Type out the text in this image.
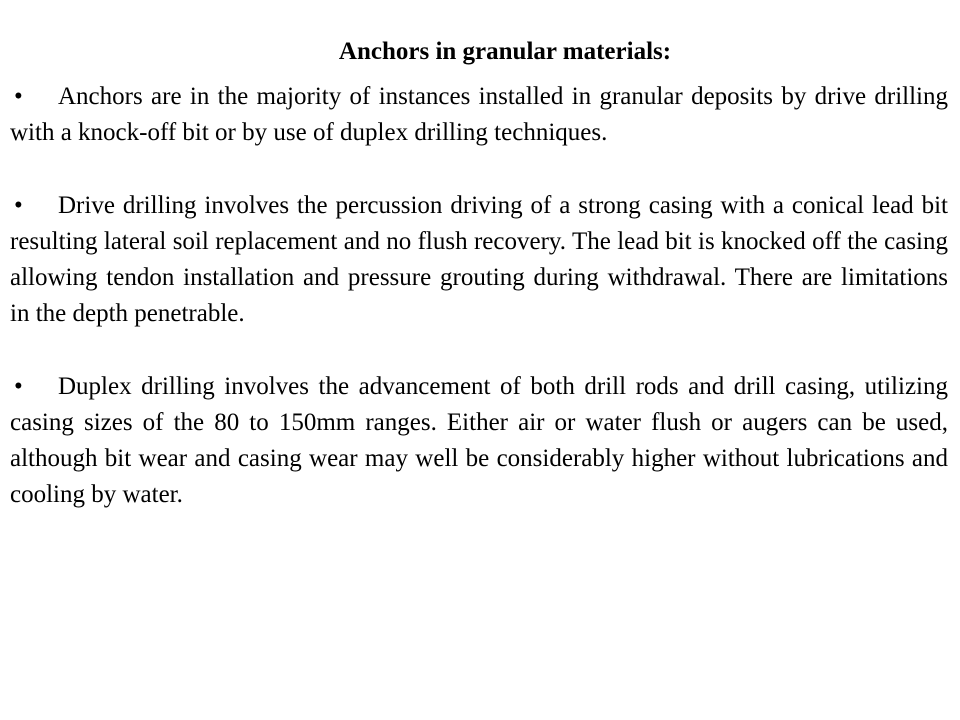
Anchors in granular materials:
• Anchors are in the majority of instances installed in granular deposits by drive drilling with a knock-off bit or by use of duplex drilling techniques.
• Drive drilling involves the percussion driving of a strong casing with a conical lead bit resulting lateral soil replacement and no flush recovery. The lead bit is knocked off the casing allowing tendon installation and pressure grouting during withdrawal. There are limitations in the depth penetrable.
• Duplex drilling involves the advancement of both drill rods and drill casing, utilizing casing sizes of the 80 to 150mm ranges. Either air or water flush or augers can be used, although bit wear and casing wear may well be considerably higher without lubrications and cooling by water.
